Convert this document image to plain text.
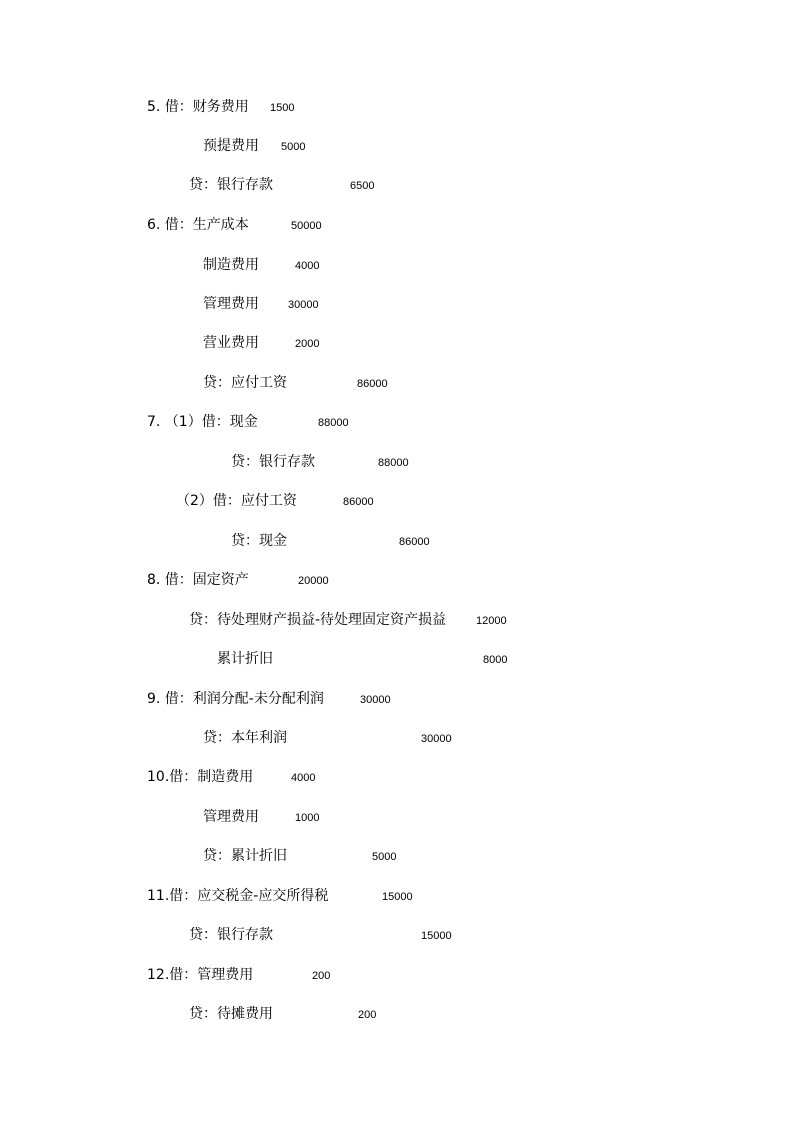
5. 借：财务费用 1500
预提费用 5000
贷：银行存款	6500
6. 借：生产成本	50000
制造费用	4000
管理费用	30000
营业费用	2000
贷：应付工资	86000
7. （1）借：现金	88000
贷：银行存款	88000
（2）借：应付工资	86000
贷：现金	86000
8. 借：固定资产	20000
贷：待处理财产损益-待处理固定资产损益	12000
累计折旧	8000
9. 借：利润分配-未分配利润	30000
贷：本年利润	30000
10.借：制造费用	4000
管理费用	1000
贷：累计折旧	5000
11.借：应交税金-应交所得税	15000
贷：银行存款	15000
12.借：管理费用	200
贷：待摊费用	200
